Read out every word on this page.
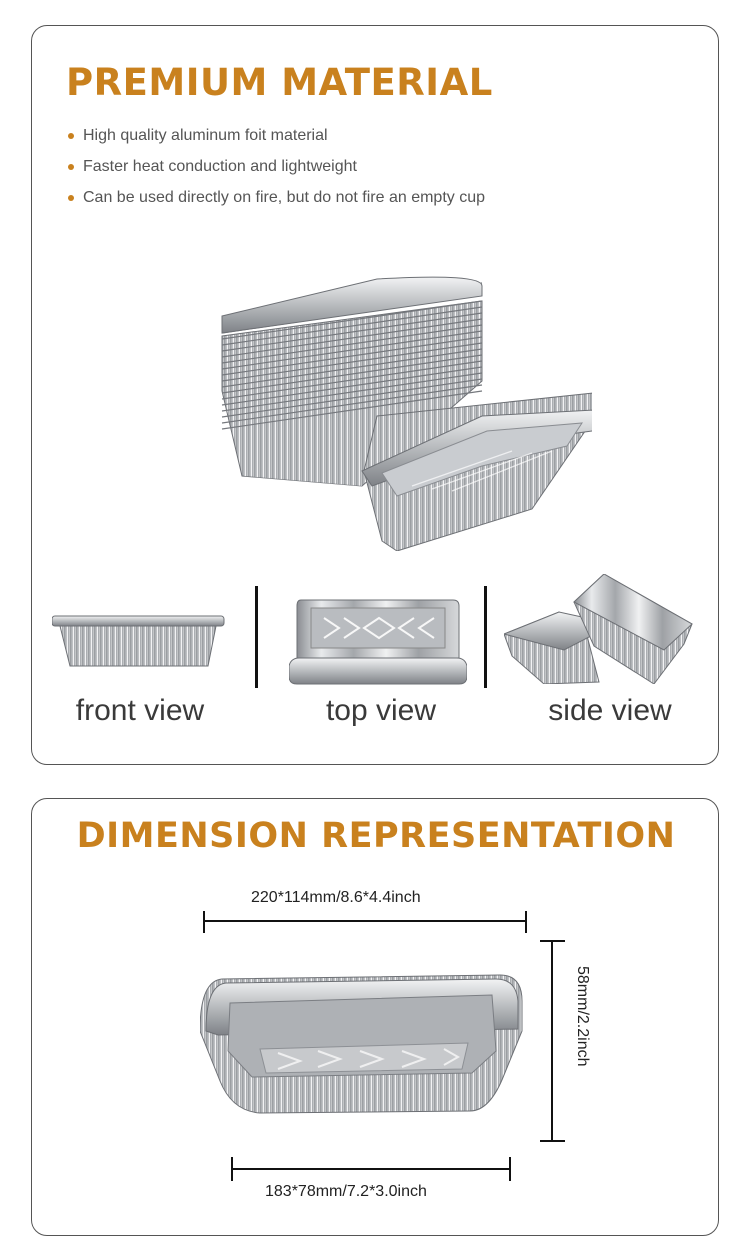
PREMIUM MATERIAL
High quality aluminum foit material
Faster heat conduction and lightweight
Can be used directly on fire, but do not fire an empty cup
front view	top view	side view
DIMENSION REPRESENTATION
220*114mm/8.6*4.4inch
58mm/2.2inch
183*78mm/7.2*3.0inch
